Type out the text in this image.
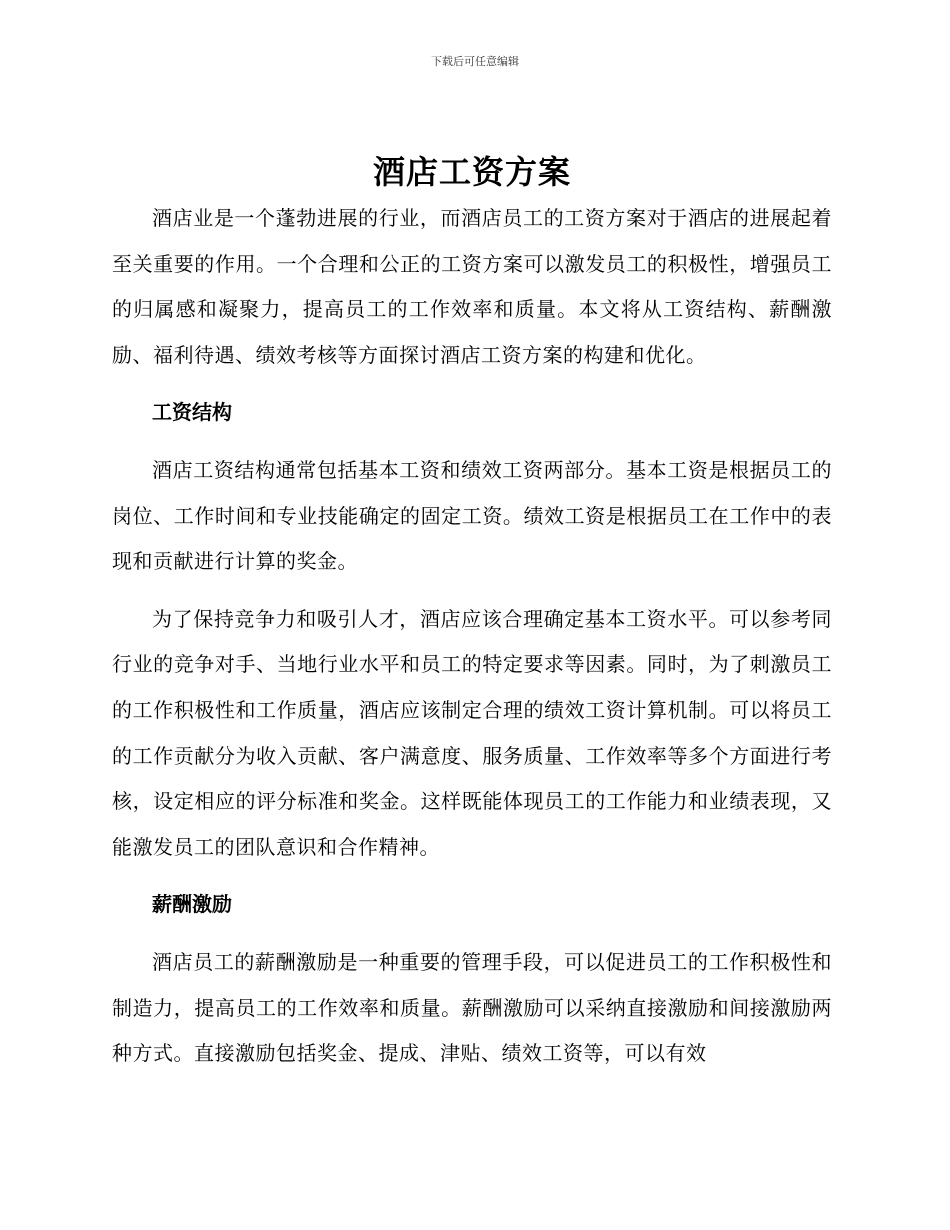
下载后可任意编辑
酒店工资方案

酒店业是一个蓬勃进展的行业，而酒店员工的工资方案对于酒店的进展起着至关重要的作用。一个合理和公正的工资方案可以激发员工的积极性，增强员工的归属感和凝聚力，提高员工的工作效率和质量。本文将从工资结构、薪酬激励、福利待遇、绩效考核等方面探讨酒店工资方案的构建和优化。

工资结构

酒店工资结构通常包括基本工资和绩效工资两部分。基本工资是根据员工的岗位、工作时间和专业技能确定的固定工资。绩效工资是根据员工在工作中的表现和贡献进行计算的奖金。

为了保持竞争力和吸引人才，酒店应该合理确定基本工资水平。可以参考同行业的竞争对手、当地行业水平和员工的特定要求等因素。同时，为了刺激员工的工作积极性和工作质量，酒店应该制定合理的绩效工资计算机制。可以将员工的工作贡献分为收入贡献、客户满意度、服务质量、工作效率等多个方面进行考核，设定相应的评分标准和奖金。这样既能体现员工的工作能力和业绩表现，又能激发员工的团队意识和合作精神。

薪酬激励

酒店员工的薪酬激励是一种重要的管理手段，可以促进员工的工作积极性和制造力，提高员工的工作效率和质量。薪酬激励可以采纳直接激励和间接激励两种方式。直接激励包括奖金、提成、津贴、绩效工资等，可以有效
